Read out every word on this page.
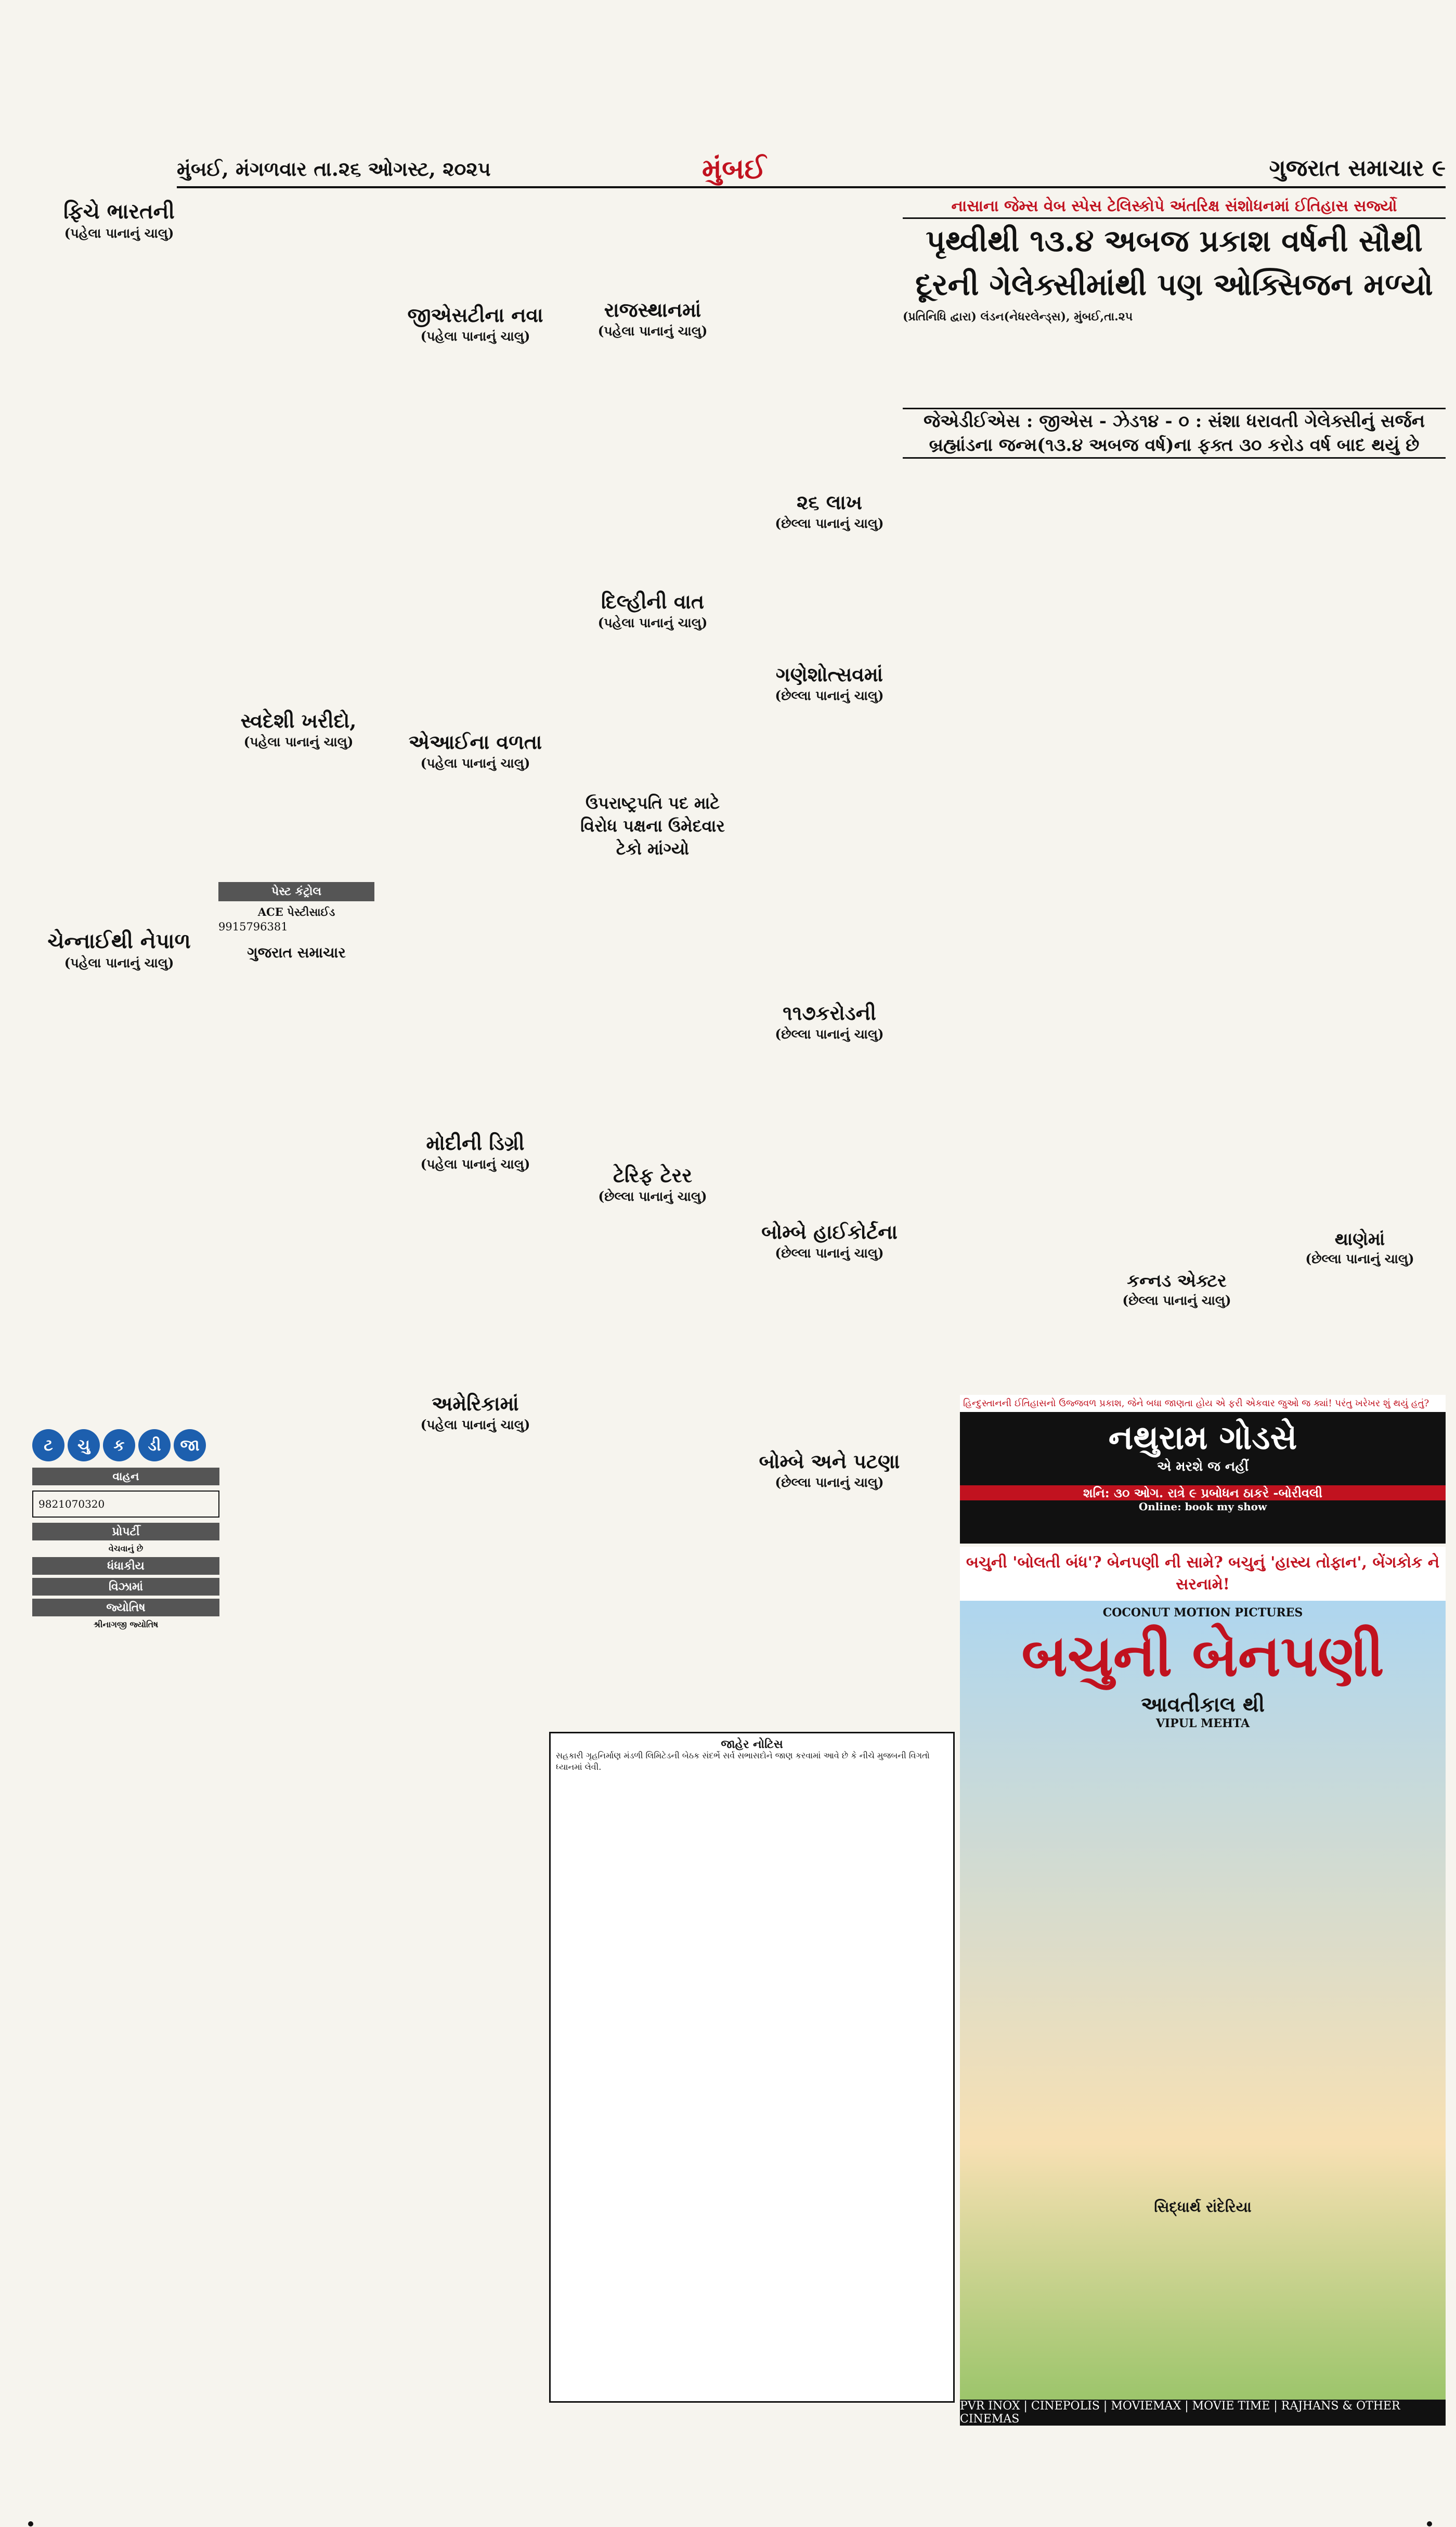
મુંબઈ, મંગળવાર તા.૨૬ ઓગસ્ટ, ૨૦૨૫	મુંબઈ	ગુજરાત સમાચાર ૯
ટ	ચુ	ક	ડી	જા
વાહન
9821070320
પ્રોપર્ટી
વેચવાનું છે
ધંધાકીય
વિઝામાં
જ્યોતિષ
શ્રીનાગજી જ્યોતિષ
પેસ્ટ કંટ્રોલ
ACE પેસ્ટીસાઈડ
9915796381
ગુજરાત સમાચાર
ફિચે ભારતની
(પહેલા પાનાનું ચાલુ)
ચેન્નાઈથી નેપાળ
(પહેલા પાનાનું ચાલુ)
સ્વદેશી ખરીદો,
(પહેલા પાનાનું ચાલુ)
જીએસટીના નવા
(પહેલા પાનાનું ચાલુ)
એઆઈના વળતા
(પહેલા પાનાનું ચાલુ)
મોદીની ડિગ્રી
(પહેલા પાનાનું ચાલુ)
અમેરિકામાં
(પહેલા પાનાનું ચાલુ)
રાજસ્થાનમાં
(પહેલા પાનાનું ચાલુ)
દિલ્હીની વાત
(પહેલા પાનાનું ચાલુ)
ઉપરાષ્ટ્રપતિ પદ માટે વિરોધ પક્ષના ઉમેદવાર ટેકો માંગ્યો
ટેરિફ ટેરર
(છેલ્લા પાનાનું ચાલુ)
૨૬ લાખ
(છેલ્લા પાનાનું ચાલુ)
ગણેશોત્સવમાં
(છેલ્લા પાનાનું ચાલુ)
૧૧૭કરોડની
(છેલ્લા પાનાનું ચાલુ)
બોમ્બે હાઈકોર્ટના
(છેલ્લા પાનાનું ચાલુ)
બોમ્બે અને પટણા
(છેલ્લા પાનાનું ચાલુ)
નાસાના જેમ્સ વેબ સ્પેસ ટેલિસ્કોપે અંતરિક્ષ સંશોધનમાં ઈતિહાસ સર્જ્યો
પૃથ્વીથી ૧૩.૪ અબજ પ્રકાશ વર્ષની સૌથી
દૂરની ગેલેક્સીમાંથી પણ ઓક્સિજન મળ્યો
(પ્રતિનિધિ દ્વારા) લંડન(નેધરલેન્ડ્સ), મુંબઈ,તા.૨૫
જેએડીઈએસ : જીએસ - ઝેડ૧૪ - ૦ : સંશા ધરાવતી ગેલેક્સીનું સર્જન બ્રહ્માંડના જન્મ(૧૩.૪ અબજ વર્ષ)ના ફક્ત ૩૦ કરોડ વર્ષ બાદ થયું છે
કન્નડ એક્ટર
(છેલ્લા પાનાનું ચાલુ)
થાણેમાં
(છેલ્લા પાનાનું ચાલુ)
હિન્દુસ્તાનની ઈતિહાસનો ઉજ્જવળ પ્રકાશ, જેને બધા જાણતા હોય એ ફરી એકવાર જુઓ જ ક્યાં! પરંતુ ખરેખર શું થયું હતું?
નથુરામ ગોડસે
એ મરશે જ નહીં
શનિ: ૩૦ ઓગ. રાત્રે ૯ પ્રબોધન ઠાકરે -બોરીવલી
Online: book my show
બચુની 'બોલતી બંધ'? બેનપણી ની સામે? બચુનું 'હાસ્ય તોફાન', બેંગકોક ને સરનામે!
COCONUT MOTION PICTURES
બચુની બેનપણી
આવતીકાલ થી
VIPUL MEHTA
સિદ્ધાર્થ રાંદેરિયા
PVR INOX | CINEPOLIS | MOVIEMAX | MOVIE TIME | RAJHANS & OTHER CINEMAS
જાહેર નોટિસ
સહકારી ગૃહનિર્માણ મંડળી લિમિટેડની બેઠક સંદર્ભે સર્વ સભાસદોને જાણ કરવામાં આવે છે કે નીચે મુજબની વિગતો ધ્યાનમાં લેવી.
